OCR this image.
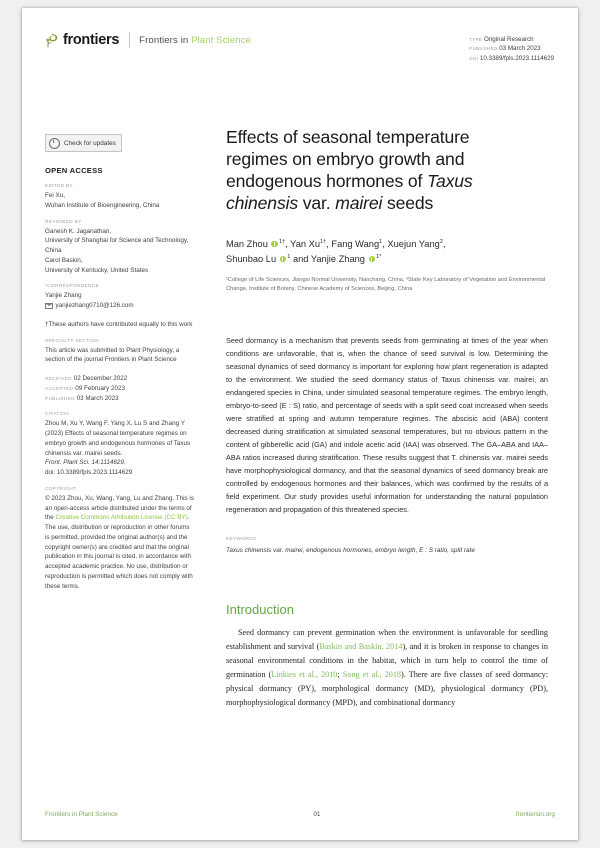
frontiers Frontiers in Plant Science	TYPE Original Research
PUBLISHED 03 March 2023
DOI 10.3389/fpls.2023.1114629
Check for updates
OPEN ACCESS
EDITED BY
Fei Xu,
Wuhan Institute of Bioengineering, China
REVIEWED BY
Ganesh K. Jaganathan,
University of Shanghai for Science and Technology, China
Carol Baskin,
University of Kentucky, United States
*CORRESPONDENCE
Yanjie Zhang
yanjiezhang0710@126.com
†These authors have contributed equally to this work
SPECIALTY SECTION
This article was submitted to Plant Physiology, a section of the journal Frontiers in Plant Science
RECEIVED 02 December 2022
ACCEPTED 09 February 2023
PUBLISHED 03 March 2023
CITATION
Zhou M, Xu Y, Wang F, Yang X, Lu S and Zhang Y (2023) Effects of seasonal temperature regimes on embryo growth and endogenous hormones of Taxus chinensis var. mairei seeds.
Front. Plant Sci. 14:1114629.
doi: 10.3389/fpls.2023.1114629
COPYRIGHT
© 2023 Zhou, Xu, Wang, Yang, Lu and Zhang. This is an open-access article distributed under the terms of the Creative Commons Attribution License (CC BY). The use, distribution or reproduction in other forums is permitted, provided the original author(s) and the copyright owner(s) are credited and that the original publication in this journal is cited, in accordance with accepted academic practice. No use, distribution or reproduction is permitted which does not comply with these terms.
Effects of seasonal temperature
regimes on embryo growth and
endogenous hormones of Taxus
chinensis var. mairei seeds
Man Zhou $^{1\dagger}$, Yan $Xu^{1\dagger}$, Fang Wang$^1$, Xuejun Yang$^2$,
Shunbao Lu $^1$ and Yanjie Zhang $^{1*}$
¹College of Life Sciences, Jiangxi Normal University, Nanchang, China, ²State Key Laboratory of Vegetation and Environmental Change, Institute of Botany, Chinese Academy of Sciences, Beijing, China
Seed dormancy is a mechanism that prevents seeds from germinating at times of the year when conditions are unfavorable, that is, when the chance of seed survival is low. Determining the seasonal dynamics of seed dormancy is important for exploring how plant regeneration is adapted to the environment. We studied the seed dormancy status of Taxus chinensis var. mairei, an endangered species in China, under simulated seasonal temperature regimes. The embryo length, embryo-to-seed (E : S) ratio, and percentage of seeds with a split seed coat increased when seeds were stratified at spring and autumn temperature regimes. The abscisic acid (ABA) content decreased during stratification at simulated seasonal temperatures, but no obvious pattern in the content of gibberellic acid (GA) and indole acetic acid (IAA) was observed. The GA–ABA and IAA–ABA ratios increased during stratification. These results suggest that T. chinensis var. mairei seeds have morphophysiological dormancy, and that the seasonal dynamics of seed dormancy break are controlled by endogenous hormones and their balances, which was confirmed by the results of a field experiment. Our study provides useful information for understanding the natural population regeneration and propagation of this threatened species.
KEYWORDS
Taxus chinensis var. mairei, endogenous hormones, embryo length, E : S ratio, split rate
Introduction
Seed dormancy can prevent germination when the environment is unfavorable for seedling establishment and survival (Baskin and Baskin, 2014), and it is broken in response to changes in seasonal environmental conditions in the habitat, which in turn help to control the time of germination (Linkies et al., 2010; Song et al., 2018). There are five classes of seed dormancy: physical dormancy (PY), morphological dormancy (MD), physiological dormancy (PD), morphophysiological dormancy (MPD), and combinational dormancy
Frontiers in Plant Science	01	frontiersin.org
